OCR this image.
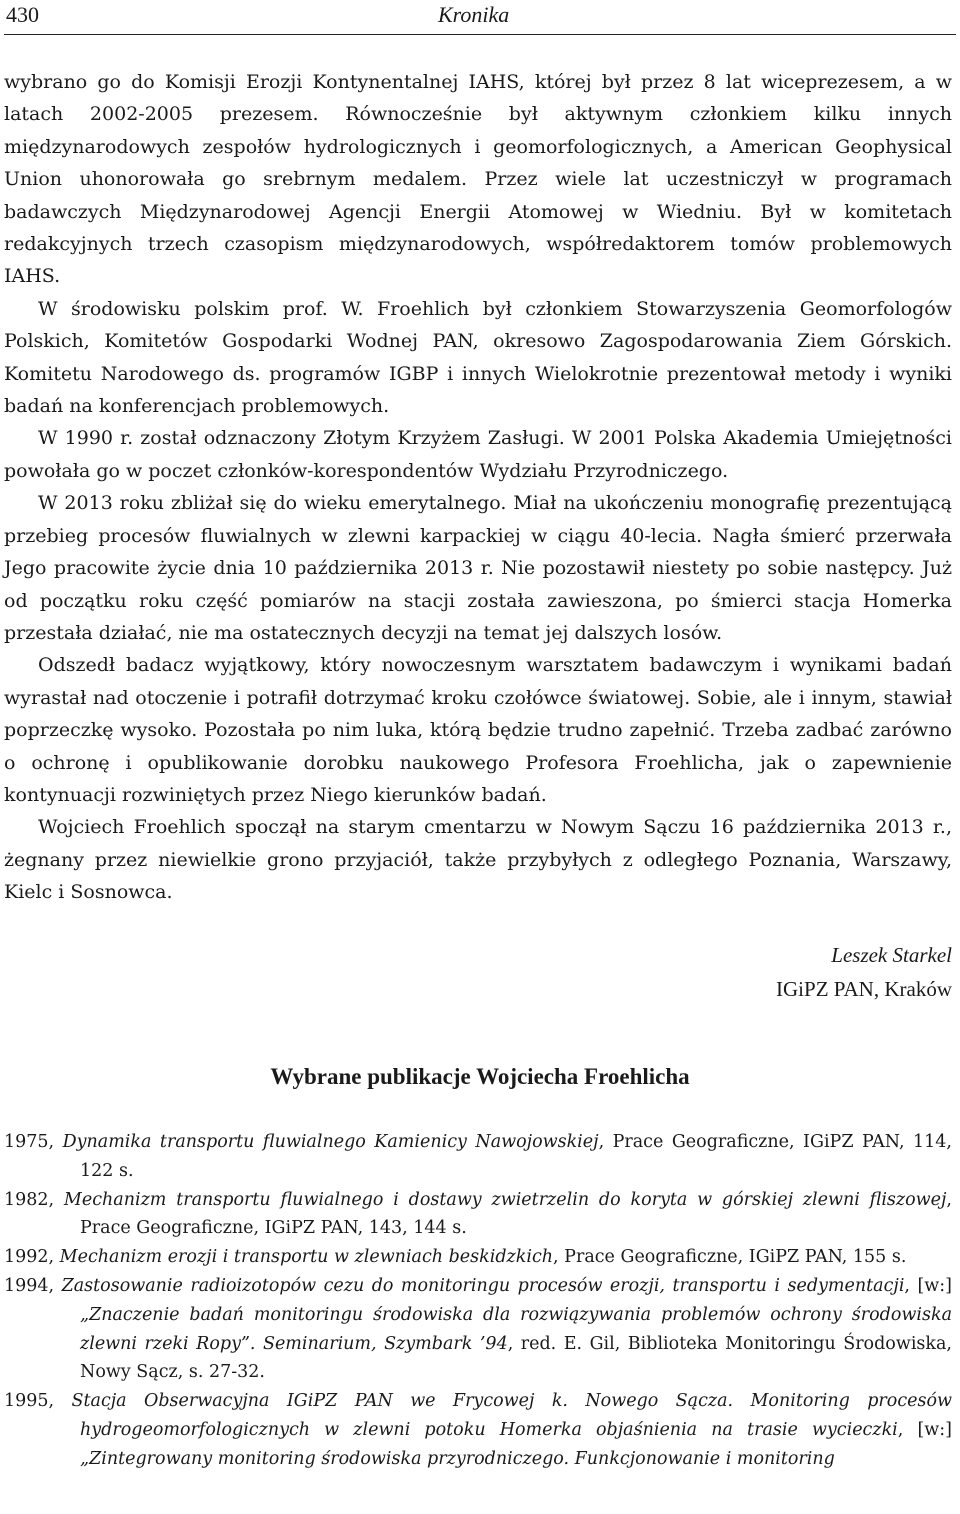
430	Kronika

wybrano go do Komisji Erozji Kontynentalnej IAHS, której był przez 8 lat wiceprezesem, a w latach 2002-2005 prezesem. Równocześnie był aktywnym członkiem kilku innych międzynarodowych zespołów hydrologicznych i geomorfologicznych, a American Geophysical Union uhonorowała go srebrnym medalem. Przez wiele lat uczestniczył w programach badawczych Międzynarodowej Agencji Energii Atomowej w Wiedniu. Był w komitetach redakcyjnych trzech czasopism międzynarodowych, współredaktorem tomów problemowych IAHS.

W środowisku polskim prof. W. Froehlich był członkiem Stowarzyszenia Geomorfologów Polskich, Komitetów Gospodarki Wodnej PAN, okresowo Zagospodarowania Ziem Górskich. Komitetu Narodowego ds. programów IGBP i innych Wielokrotnie prezentował metody i wyniki badań na konferencjach problemowych.

W 1990 r. został odznaczony Złotym Krzyżem Zasługi. W 2001 Polska Akademia Umiejętności powołała go w poczet członków-korespondentów Wydziału Przyrodniczego.

W 2013 roku zbliżał się do wieku emerytalnego. Miał na ukończeniu monografię prezentującą przebieg procesów fluwialnych w zlewni karpackiej w ciągu 40-lecia. Nagła śmierć przerwała Jego pracowite życie dnia 10 października 2013 r. Nie pozostawił niestety po sobie następcy. Już od początku roku część pomiarów na stacji została zawieszona, po śmierci stacja Homerka przestała działać, nie ma ostatecznych decyzji na temat jej dalszych losów.

Odszedł badacz wyjątkowy, który nowoczesnym warsztatem badawczym i wynikami badań wyrastał nad otoczenie i potrafił dotrzymać kroku czołówce światowej. Sobie, ale i innym, stawiał poprzeczkę wysoko. Pozostała po nim luka, którą będzie trudno zapełnić. Trzeba zadbać zarówno o ochronę i opublikowanie dorobku naukowego Profesora Froehlicha, jak o zapewnienie kontynuacji rozwiniętych przez Niego kierunków badań.

Wojciech Froehlich spoczął na starym cmentarzu w Nowym Sączu 16 października 2013 r., żegnany przez niewielkie grono przyjaciół, także przybyłych z odległego Poznania, Warszawy, Kielc i Sosnowca.

Leszek Starkel
IGiPZ PAN, Kraków
Wybrane publikacje Wojciecha Froehlicha

1975, Dynamika transportu fluwialnego Kamienicy Nawojowskiej, Prace Geograficzne, IGiPZ PAN, 114, 122 s.

1982, Mechanizm transportu fluwialnego i dostawy zwietrzelin do koryta w górskiej zlewni fliszowej, Prace Geograficzne, IGiPZ PAN, 143, 144 s.

1992, Mechanizm erozji i transportu w zlewniach beskidzkich, Prace Geograficzne, IGiPZ PAN, 155 s.

1994, Zastosowanie radioizotopów cezu do monitoringu procesów erozji, transportu i sedymentacji, [w:] „Znaczenie badań monitoringu środowiska dla rozwiązywania problemów ochrony środowiska zlewni rzeki Ropy”. Seminarium, Szymbark ’94, red. E. Gil, Biblioteka Monitoringu Środowiska, Nowy Sącz, s. 27-32.

1995, Stacja Obserwacyjna IGiPZ PAN we Frycowej k. Nowego Sącza. Monitoring procesów hydrogeomorfologicznych w zlewni potoku Homerka objaśnienia na trasie wycieczki, [w:] „Zintegrowany monitoring środowiska przyrodniczego. Funkcjonowanie i monitoring
